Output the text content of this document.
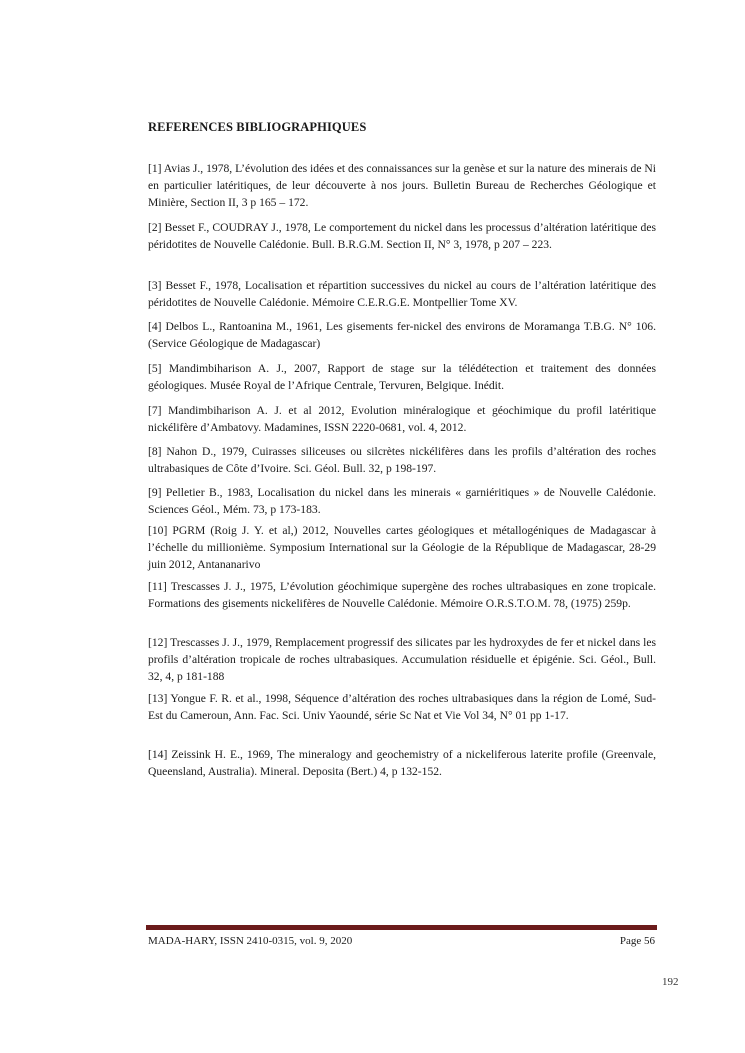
REFERENCES BIBLIOGRAPHIQUES
[1] Avias J., 1978, L’évolution des idées et des connaissances sur la genèse et sur la nature des minerais de Ni en particulier latéritiques, de leur découverte à nos jours. Bulletin Bureau de Recherches Géologique et Minière, Section II, 3 p 165 – 172.
[2] Besset F., COUDRAY J., 1978, Le comportement du nickel dans les processus d’altération latéritique des péridotites de Nouvelle Calédonie. Bull. B.R.G.M. Section II, N° 3, 1978, p 207 – 223.
[3] Besset F., 1978, Localisation et répartition successives du nickel au cours de l’altération latéritique des péridotites de Nouvelle Calédonie. Mémoire C.E.R.G.E. Montpellier Tome XV.
[4] Delbos L., Rantoanina M., 1961, Les gisements fer-nickel des environs de Moramanga T.B.G. N° 106. (Service Géologique de Madagascar)
[5] Mandimbiharison A. J., 2007, Rapport de stage sur la télédétection et traitement des données géologiques. Musée Royal de l’Afrique Centrale, Tervuren, Belgique. Inédit.
[7] Mandimbiharison A. J. et al 2012, Evolution minéralogique et géochimique du profil latéritique nickélifère d’Ambatovy. Madamines, ISSN 2220-0681, vol. 4, 2012.
[8] Nahon D., 1979, Cuirasses siliceuses ou silcrètes nickélifères dans les profils d’altération des roches ultrabasiques de Côte d’Ivoire. Sci. Géol. Bull. 32, p 198-197.
[9] Pelletier B., 1983, Localisation du nickel dans les minerais « garniéritiques » de Nouvelle Calédonie. Sciences Géol., Mém. 73, p 173-183.
[10] PGRM (Roig J. Y. et al,) 2012, Nouvelles cartes géologiques et métallogéniques de Madagascar à l’échelle du millionième. Symposium International sur la Géologie de la République de Madagascar, 28-29 juin 2012, Antananarivo
[11] Trescasses J. J., 1975, L’évolution géochimique supergène des roches ultrabasiques en zone tropicale. Formations des gisements nickelifères de Nouvelle Calédonie. Mémoire O.R.S.T.O.M. 78, (1975) 259p.
[12] Trescasses J. J., 1979, Remplacement progressif des silicates par les hydroxydes de fer et nickel dans les profils d’altération tropicale de roches ultrabasiques. Accumulation résiduelle et épigénie. Sci. Géol., Bull. 32, 4, p 181-188
[13] Yongue F. R. et al., 1998, Séquence d’altération des roches ultrabasiques dans la région de Lomé, Sud-Est du Cameroun, Ann. Fac. Sci. Univ Yaoundé, série Sc Nat et Vie Vol 34, N° 01 pp 1-17.
[14] Zeissink H. E., 1969, The mineralogy and geochemistry of a nickeliferous laterite profile (Greenvale, Queensland, Australia). Mineral. Deposita (Bert.) 4, p 132-152.
MADA-HARY, ISSN 2410-0315, vol. 9, 2020	Page 56
192
